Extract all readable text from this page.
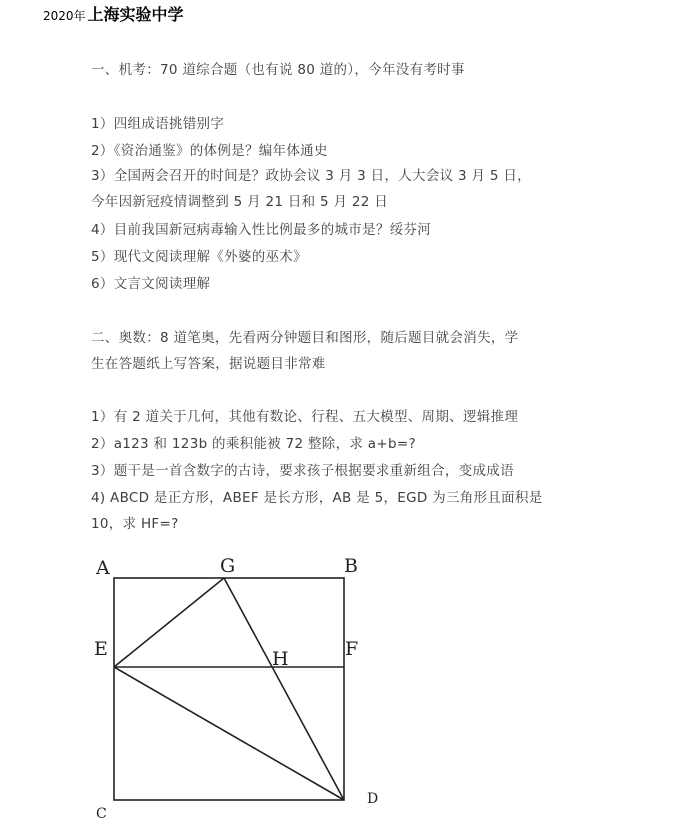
2020年 上海实验中学
一、机考：70 道综合题（也有说 80 道的），今年没有考时事
1）四组成语挑错别字
2）《资治通鉴》的体例是？编年体通史
3）全国两会召开的时间是？政协会议 3 月 3 日，人大会议 3 月 5 日，
今年因新冠疫情调整到 5 月 21 日和 5 月 22 日
4）目前我国新冠病毒输入性比例最多的城市是？绥芬河
5）现代文阅读理解《外婆的巫术》
6）文言文阅读理解
二、奥数：8 道笔奥，先看两分钟题目和图形，随后题目就会消失，学
生在答题纸上写答案，据说题目非常难
1）有 2 道关于几何，其他有数论、行程、五大模型、周期、逻辑推理
2）a123 和 123b 的乘积能被 72 整除，求 a+b=?
3）题干是一首含数字的古诗，要求孩子根据要求重新组合，变成成语
4) ABCD 是正方形，ABEF 是长方形，AB 是 5，EGD 为三角形且面积是
10，求 HF=?
A	G	B
E	H	F
C
D
